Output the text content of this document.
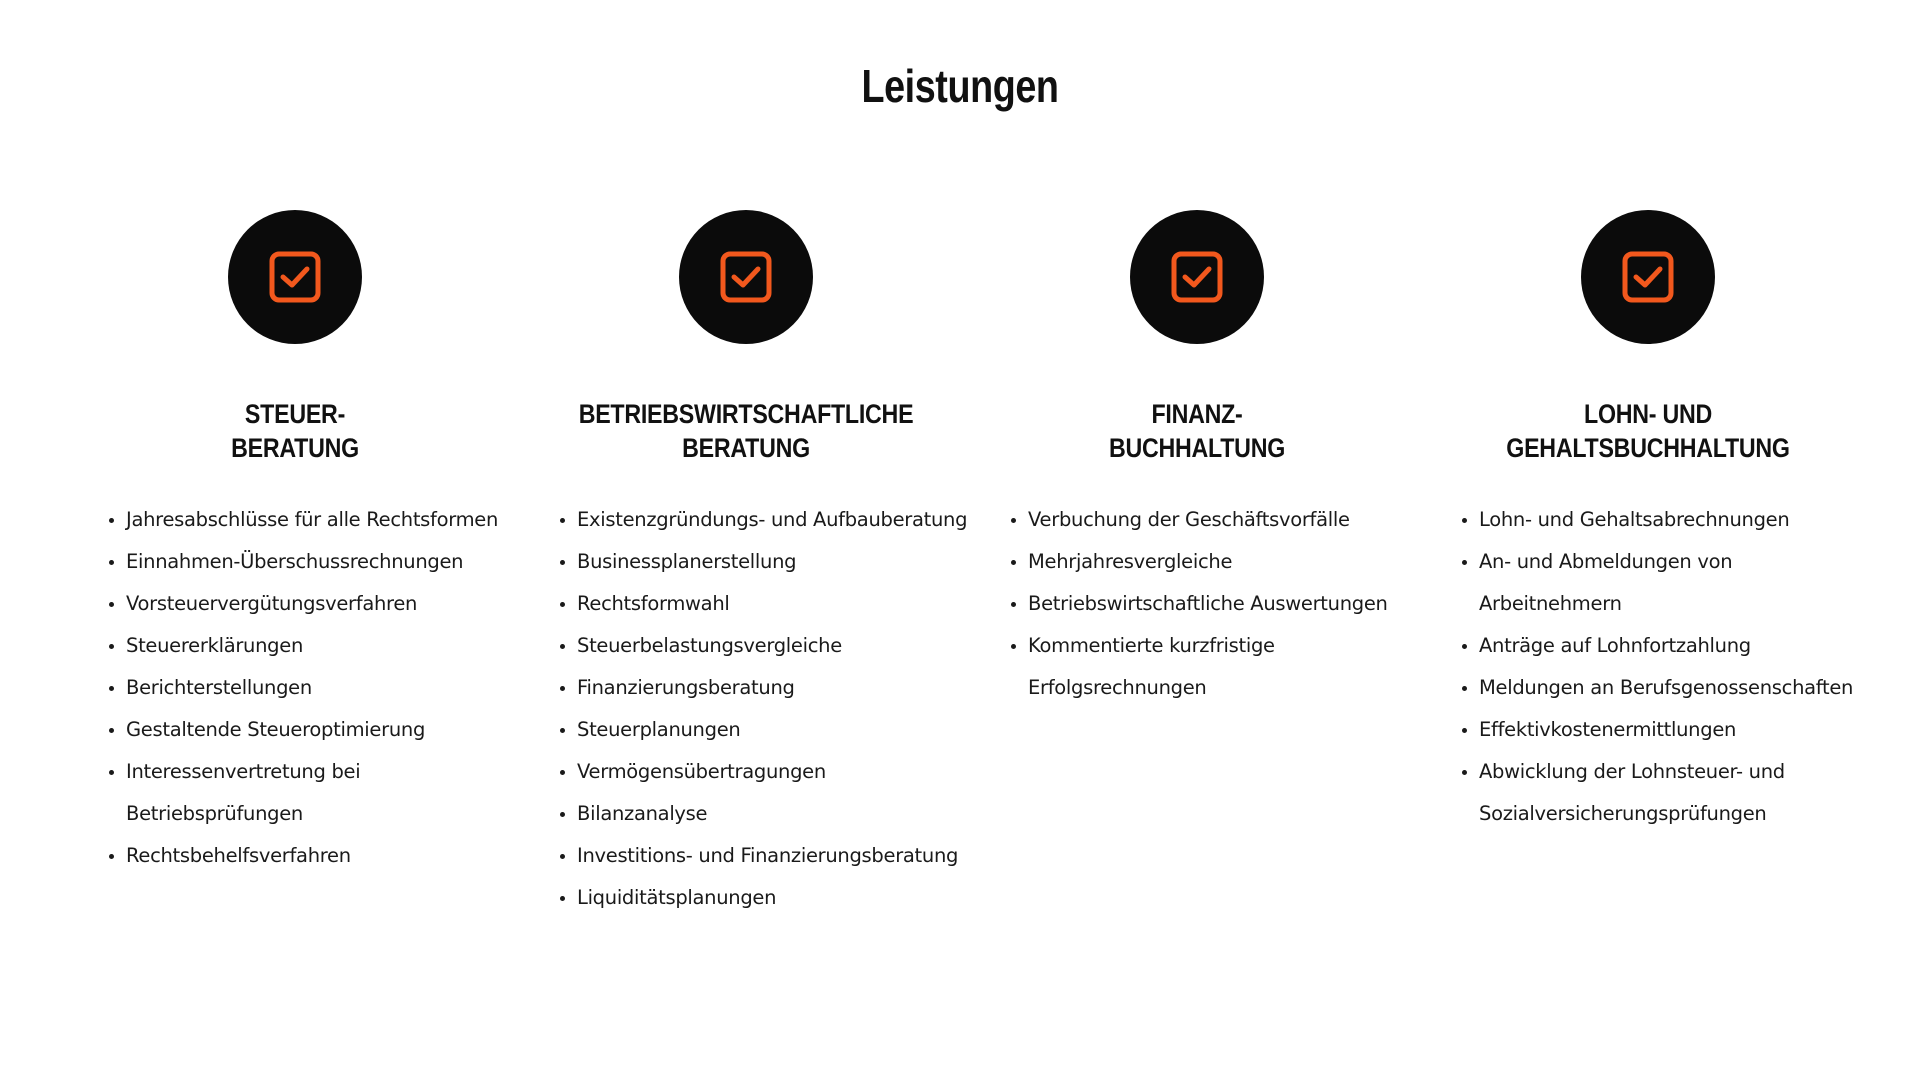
Leistungen
STEUER-
BERATUNG
• Jahresabschlüsse für alle Rechtsformen
• Einnahmen-Überschussrechnungen
• Vorsteuervergütungsverfahren
• Steuererklärungen
• Berichterstellungen
• Gestaltende Steueroptimierung
• Interessenvertretung bei Betriebsprüfungen
• Rechtsbehelfsverfahren
BETRIEBSWIRTSCHAFTLICHE
BERATUNG
• Existenzgründungs- und Aufbauberatung
• Businessplanerstellung
• Rechtsformwahl
• Steuerbelastungsvergleiche
• Finanzierungsberatung
• Steuerplanungen
• Vermögensübertragungen
• Bilanzanalyse
• Investitions- und Finanzierungsberatung
• Liquiditätsplanungen
FINANZ-
BUCHHALTUNG
• Verbuchung der Geschäftsvorfälle
• Mehrjahresvergleiche
• Betriebswirtschaftliche Auswertungen
• Kommentierte kurzfristige Erfolgsrechnungen
LOHN- UND
GEHALTSBUCHHALTUNG
• Lohn- und Gehaltsabrechnungen
• An- und Abmeldungen von Arbeitnehmern
• Anträge auf Lohnfortzahlung
• Meldungen an Berufsgenossenschaften
• Effektivkostenermittlungen
• Abwicklung der Lohnsteuer- und Sozialversicherungsprüfungen
